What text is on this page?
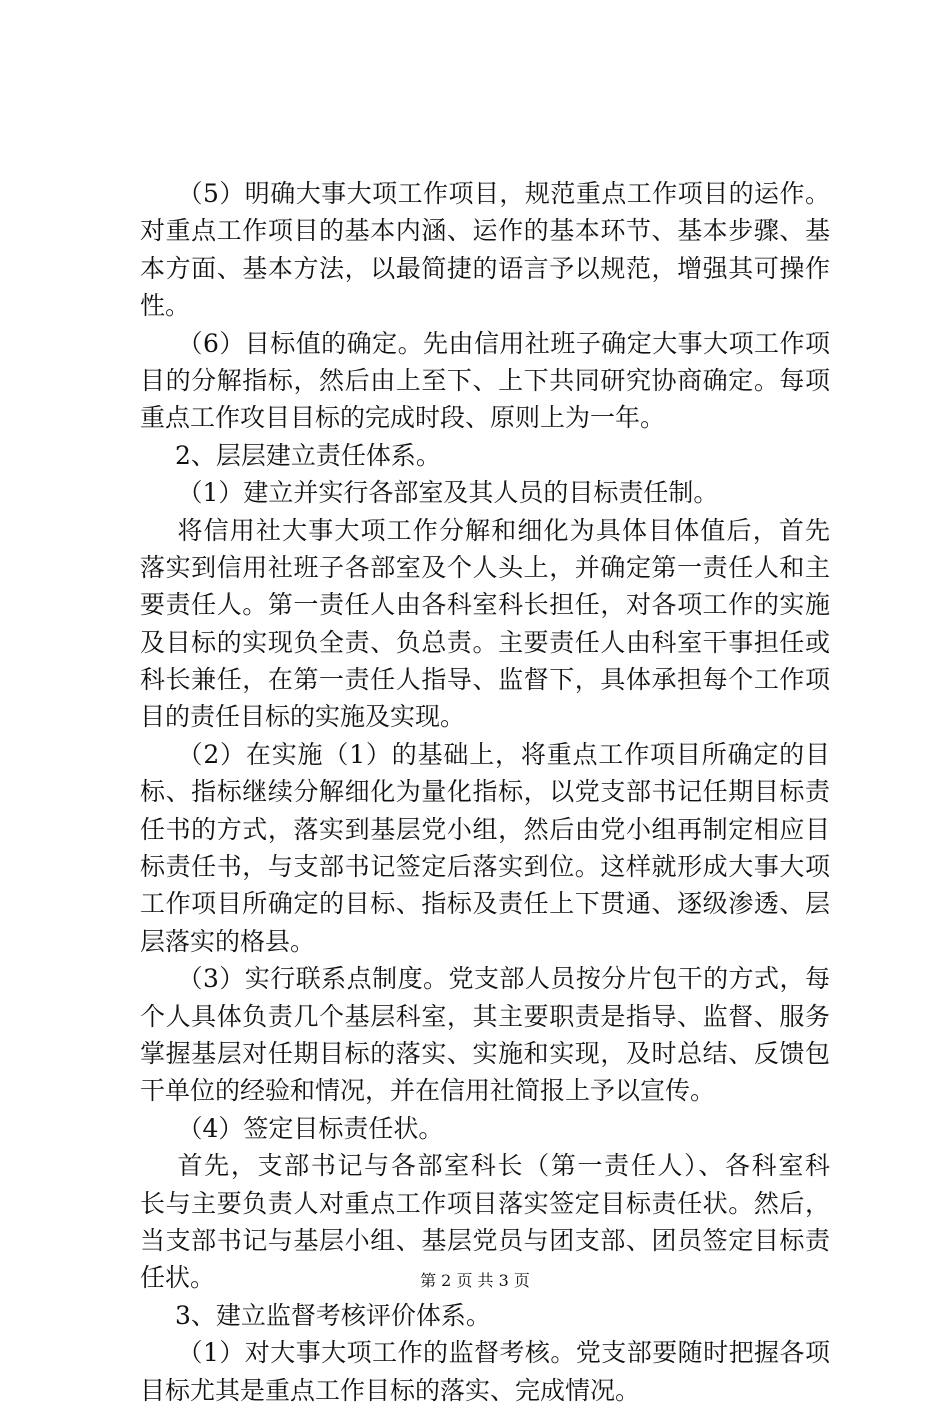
（5）明确大事大项工作项目，规范重点工作项目的运作。
对重点工作项目的基本内涵、运作的基本环节、基本步骤、基
本方面、基本方法，以最简捷的语言予以规范，增强其可操作
性。
（6）目标值的确定。先由信用社班子确定大事大项工作项
目的分解指标，然后由上至下、上下共同研究协商确定。每项
重点工作攻目目标的完成时段、原则上为一年。
2、层层建立责任体系。
（1）建立并实行各部室及其人员的目标责任制。
将信用社大事大项工作分解和细化为具体目体值后，首先
落实到信用社班子各部室及个人头上，并确定第一责任人和主
要责任人。第一责任人由各科室科长担任，对各项工作的实施
及目标的实现负全责、负总责。主要责任人由科室干事担任或
科长兼任，在第一责任人指导、监督下，具体承担每个工作项
目的责任目标的实施及实现。
（2）在实施（1）的基础上，将重点工作项目所确定的目
标、指标继续分解细化为量化指标，以党支部书记任期目标责
任书的方式，落实到基层党小组，然后由党小组再制定相应目
标责任书，与支部书记签定后落实到位。这样就形成大事大项
工作项目所确定的目标、指标及责任上下贯通、逐级渗透、层
层落实的格县。
（3）实行联系点制度。党支部人员按分片包干的方式，每
个人具体负责几个基层科室，其主要职责是指导、监督、服务
掌握基层对任期目标的落实、实施和实现，及时总结、反馈包
干单位的经验和情况，并在信用社简报上予以宣传。
（4）签定目标责任状。
首先，支部书记与各部室科长（第一责任人）、各科室科
长与主要负责人对重点工作项目落实签定目标责任状。然后，
当支部书记与基层小组、基层党员与团支部、团员签定目标责
任状。
3、建立监督考核评价体系。
（1）对大事大项工作的监督考核。党支部要随时把握各项
目标尤其是重点工作目标的落实、完成情况。
第 2 页 共 3 页
